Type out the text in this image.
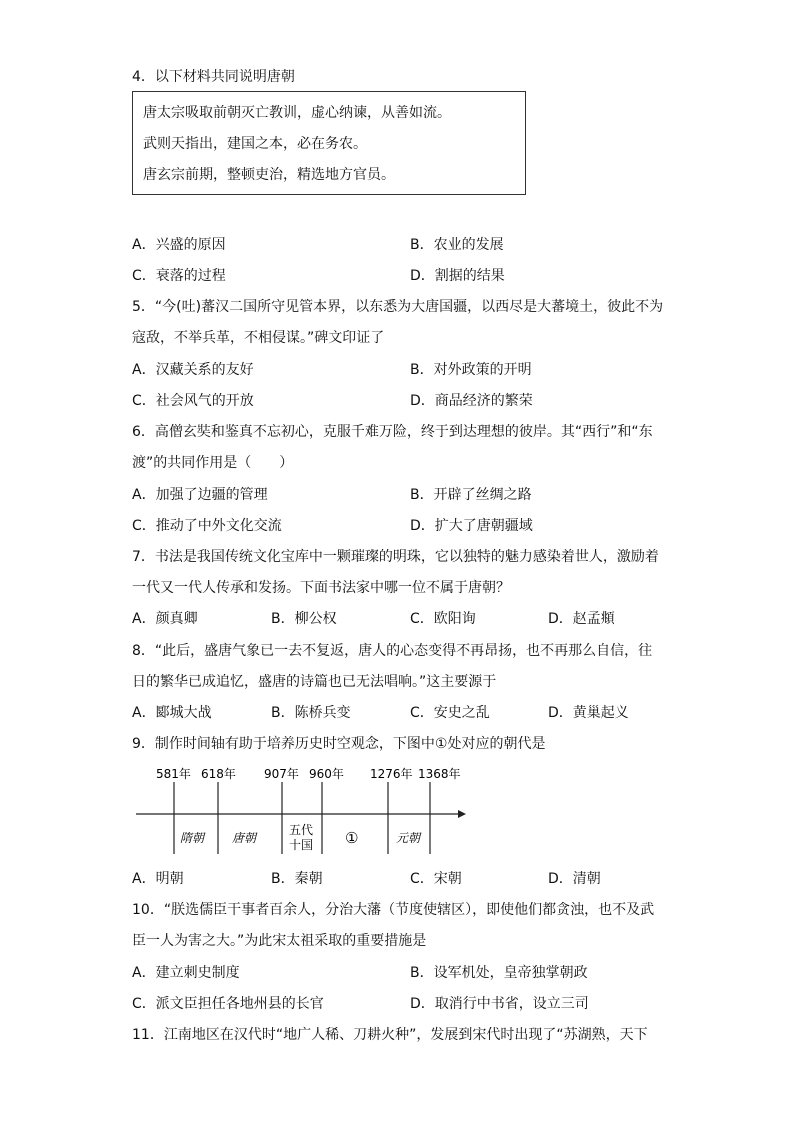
4．以下材料共同说明唐朝
唐太宗吸取前朝灭亡教训，虚心纳谏，从善如流。
武则天指出，建国之本，必在务农。
唐玄宗前期，整顿吏治，精选地方官员。
A．兴盛的原因	B．农业的发展
C．衰落的过程	D．割据的结果
5．“今(吐)蕃汉二国所守见管本界，以东悉为大唐国疆，以西尽是大蕃境土，彼此不为
寇敌，不举兵革，不相侵谋。”碑文印证了
A．汉藏关系的友好	B．对外政策的开明
C．社会风气的开放	D．商品经济的繁荣
6．高僧玄奘和鉴真不忘初心，克服千难万险，终于到达理想的彼岸。其“西行”和“东
渡”的共同作用是（　　）
A．加强了边疆的管理	B．开辟了丝绸之路
C．推动了中外文化交流	D．扩大了唐朝疆域
7．书法是我国传统文化宝库中一颗璀璨的明珠，它以独特的魅力感染着世人，激励着
一代又一代人传承和发扬。下面书法家中哪一位不属于唐朝？
A．颜真卿	B．柳公权	C．欧阳询	D．赵孟頫
8．“此后，盛唐气象已一去不复返，唐人的心态变得不再昂扬，也不再那么自信，往
日的繁华已成追忆，盛唐的诗篇也已无法唱响。”这主要源于
A．郾城大战	B．陈桥兵变	C．安史之乱	D．黄巢起义
9．制作时间轴有助于培养历史时空观念，下图中①处对应的朝代是
581年 618年 907年 960年 1276年 1368年
隋朝 唐朝
五代
十国 ①	元朝
A．明朝	B．秦朝	C．宋朝	D．清朝
10．“朕选儒臣干事者百余人，分治大藩（节度使辖区），即使他们都贪浊，也不及武
臣一人为害之大。”为此宋太祖采取的重要措施是
A．建立刺史制度	B．设军机处，皇帝独掌朝政
C．派文臣担任各地州县的长官	D．取消行中书省，设立三司
11．江南地区在汉代时“地广人稀、刀耕火种”，发展到宋代时出现了“苏湖熟，天下
